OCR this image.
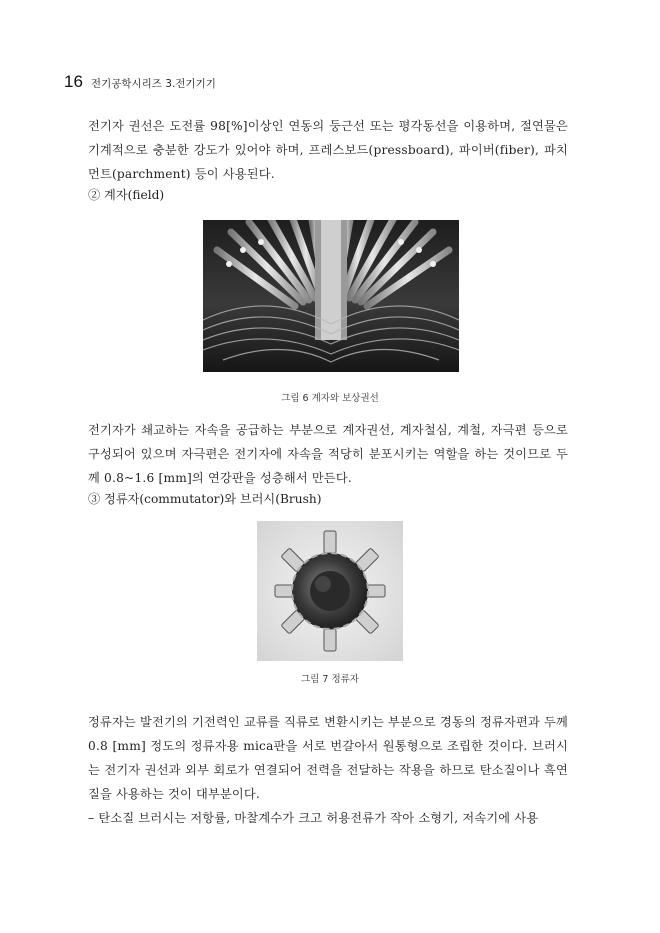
16 전기공학시리즈 3.전기기기

전기자 권선은 도전률 98[%]이상인 연동의 둥근선 또는 평각동선을 이용하며, 절연물은 기계적으로 충분한 강도가 있어야 하며, 프레스보드(pressboard), 파이버(fiber), 파치먼트(parchment) 등이 사용된다.

② 계자(field)

그림 6 계자와 보상권선

전기자가 쇄교하는 자속을 공급하는 부분으로 계자권선, 계자철심, 계철, 자극편 등으로 구성되어 있으며 자극편은 전기자에 자속을 적당히 분포시키는 역할을 하는 것이므로 두께 0.8~1.6 [mm]의 연강판을 성층해서 만든다.

③ 정류자(commutator)와 브러시(Brush)

그림 7 정류자

정류자는 발전기의 기전력인 교류를 직류로 변환시키는 부분으로 경동의 정류자편과 두께 0.8 [mm] 정도의 정류자용 mica판을 서로 번갈아서 원통형으로 조립한 것이다. 브러시는 전기자 권선과 외부 회로가 연결되어 전력을 전달하는 작용을 하므로 탄소질이나 흑연질을 사용하는 것이 대부분이다.

– 탄소질 브러시는 저항률, 마찰계수가 크고 허용전류가 작아 소형기, 저속기에 사용
